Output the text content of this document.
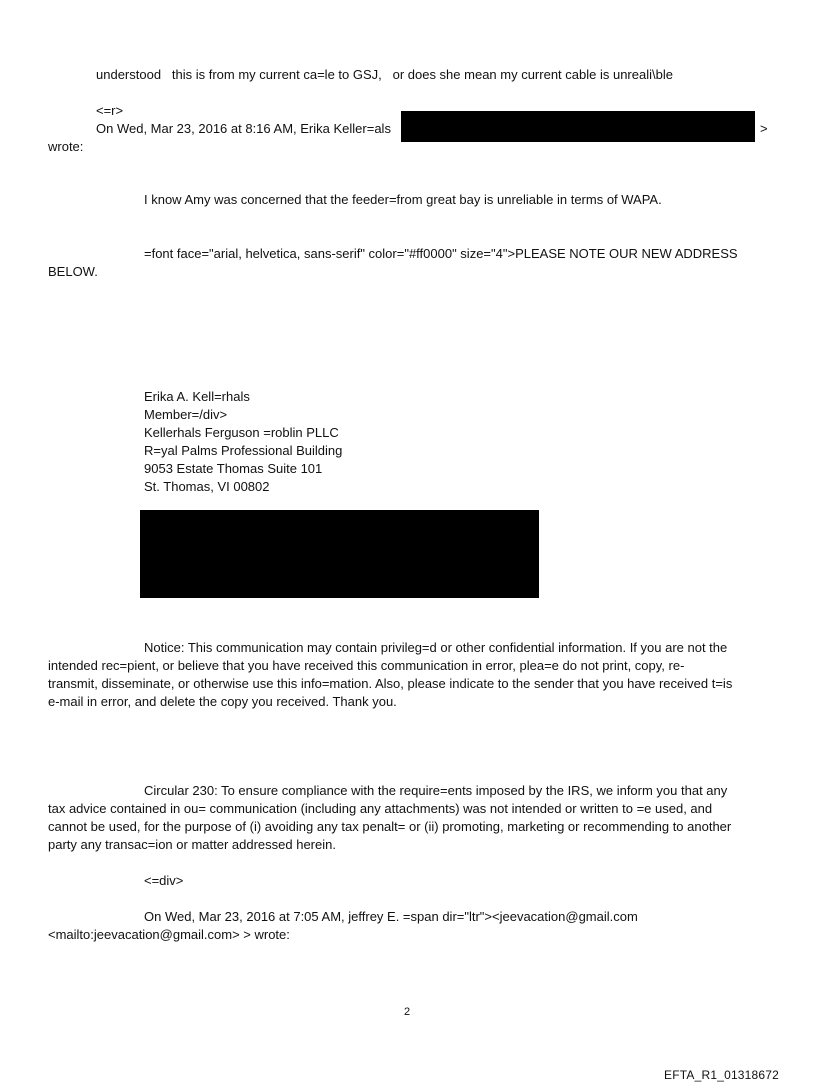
understood   this is from my current ca=le to GSJ,   or does she mean my current cable is unreali\ble

<=r>

On Wed, Mar 23, 2016 at 8:16 AM, Erika Keller=als	>

wrote:

I know Amy was concerned that the feeder=from great bay is unreliable in terms of WAPA.

=font face="arial, helvetica, sans-serif" color="#ff0000" size="4">PLEASE NOTE OUR NEW ADDRESS

BELOW.

Erika A. Kell=rhals

Member=/div>

Kellerhals Ferguson =roblin PLLC

R=yal Palms Professional Building

9053 Estate Thomas Suite 101

St. Thomas, VI 00802

Notice: This communication may contain privileg=d or other confidential information. If you are not the

intended rec=pient, or believe that you have received this communication in error, plea=e do not print, copy, re-

transmit, disseminate, or otherwise use this info=mation. Also, please indicate to the sender that you have received t=is

e-mail in error, and delete the copy you received. Thank you.

Circular 230: To ensure compliance with the require=ents imposed by the IRS, we inform you that any

tax advice contained in ou= communication (including any attachments) was not intended or written to =e used, and

cannot be used, for the purpose of (i) avoiding any tax penalt= or (ii) promoting, marketing or recommending to another

party any transac=ion or matter addressed herein.

<=div>

On Wed, Mar 23, 2016 at 7:05 AM, jeffrey E. =span dir="ltr"><jeevacation@gmail.com

<mailto:jeevacation@gmail.com> > wrote:

2

EFTA_R1_01318672
